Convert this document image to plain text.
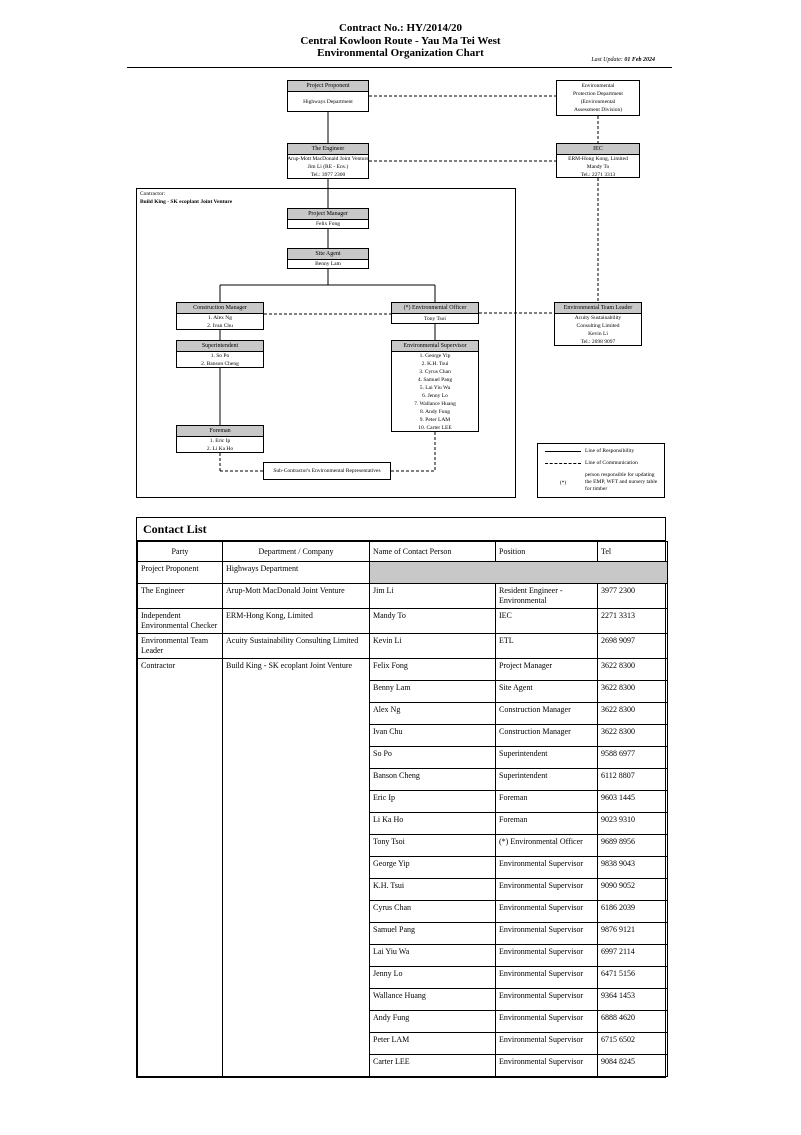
Contract No.: HY/2014/20
Central Kowloon Route - Yau Ma Tei West
Environmental Organization Chart
Last Update: 01 Feb 2024
Contractor:
Build King - SK ecoplant Joint Venture
Project Proponent
Highways Department
Environmental
Protection Department
(Environmental
Assessment Division)
The Engineer
Arup-Mott MacDonald Joint Venture
Jim Li (RE - Env.)
Tel.: 3977 2300
IEC
ERM-Hong Kong, Limited
Mandy To
Tel.: 2271 3313
Project Manager
Felix Fong
Site Agent
Benny Lam
Construction Manager
1. Alex Ng
2. Ivan Chu
(*) Environmental Officer
Tony Tsoi
Environmental Team Leader
Acuity Sustainability
Consulting Limited
Kevin Li
Tel.: 2698 9097
Superintendent
1. So Po
2. Banson Cheng
Environmental Supervisor
1. George Yip
2. K.H. Tsui
3. Cyrus Chan
4. Samuel Pang
5. Lai Yiu Wa
6. Jenny Lo
7. Wallance Huang
8. Andy Fung
9. Peter LAM
10. Carter LEE
Foreman
1. Eric Ip
2. Li Ka Ho
Sub-Contractor's Environmental Representatives
Line of Responsibility
Line of Communication
(*)
person responsible for updating the EMP, WFT and nursery table for timber
Contact List
Party	Department / Company	Name of Contact Person	Position	Tel
Project Proponent	Highways Department			
The Engineer	Arup-Mott MacDonald Joint Venture	Jim Li	Resident Engineer - Environmental	3977 2300
Independent Environmental Checker	ERM-Hong Kong, Limited	Mandy To	IEC	2271 3313
Environmental Team Leader	Acuity Sustainability Consulting Limited	Kevin Li	ETL	2698 9097
Contractor	Build King - SK ecoplant Joint Venture	Felix Fong	Project Manager	3622 8300
		Benny Lam	Site Agent	3622 8300
		Alex Ng	Construction Manager	3622 8300
		Ivan Chu	Construction Manager	3622 8300
		So Po	Superintendent	9588 6977
		Banson Cheng	Superintendent	6112 8807
		Eric Ip	Foreman	9603 1445
		Li Ka Ho	Foreman	9023 9310
		Tony Tsoi	(*) Environmental Officer	9689 8956
		George Yip	Environmental Supervisor	9838 9043
		K.H. Tsui	Environmental Supervisor	9090 9052
		Cyrus Chan	Environmental Supervisor	6186 2039
		Samuel Pang	Environmental Supervisor	9876 9121
		Lai Yiu Wa	Environmental Supervisor	6997 2114
		Jenny Lo	Environmental Supervisor	6471 5156
		Wallance Huang	Environmental Supervisor	9364 1453
		Andy Fung	Environmental Supervisor	6888 4620
		Peter LAM	Environmental Supervisor	6715 6502
		Carter LEE	Environmental Supervisor	9084 8245
